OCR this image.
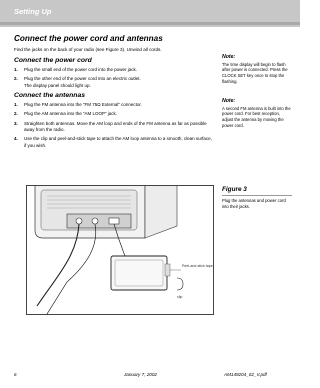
Setting Up
Connect the power cord and antennas
Find the jacks on the back of your radio (see Figure 3). Unwind all cords.
Connect the power cord
1.	Plug the small end of the power cord into the power jack.
2.	Plug the other end of the power cord into an electric outlet.
The display panel should light up.
Connect the antennas
1.	Plug the FM antenna into the “FM 75Ω External” connector.
2.	Plug the AM antenna into the “AM LOOP” jack.
3.	Straighten both antennas. Move the AM loop and ends of the FM antenna as far as possible away from the radio.
4.	Use the clip and peel-and-stick tape to attach the AM loop antenna to a smooth, clean surface, if you wish.
Note:
The time display will begin to flash after power is connected. Press the CLOCK SET key once to stop the flashing.
Note:
A second FM antenna is built into the power cord. For best reception, adjust the antenna by moving the power cord.
Peel-and-stick tape
clip
Figure 3
Plug the antennas and power cord into their jacks.
6	January 7, 2002	AM149204_02_V.pdf
